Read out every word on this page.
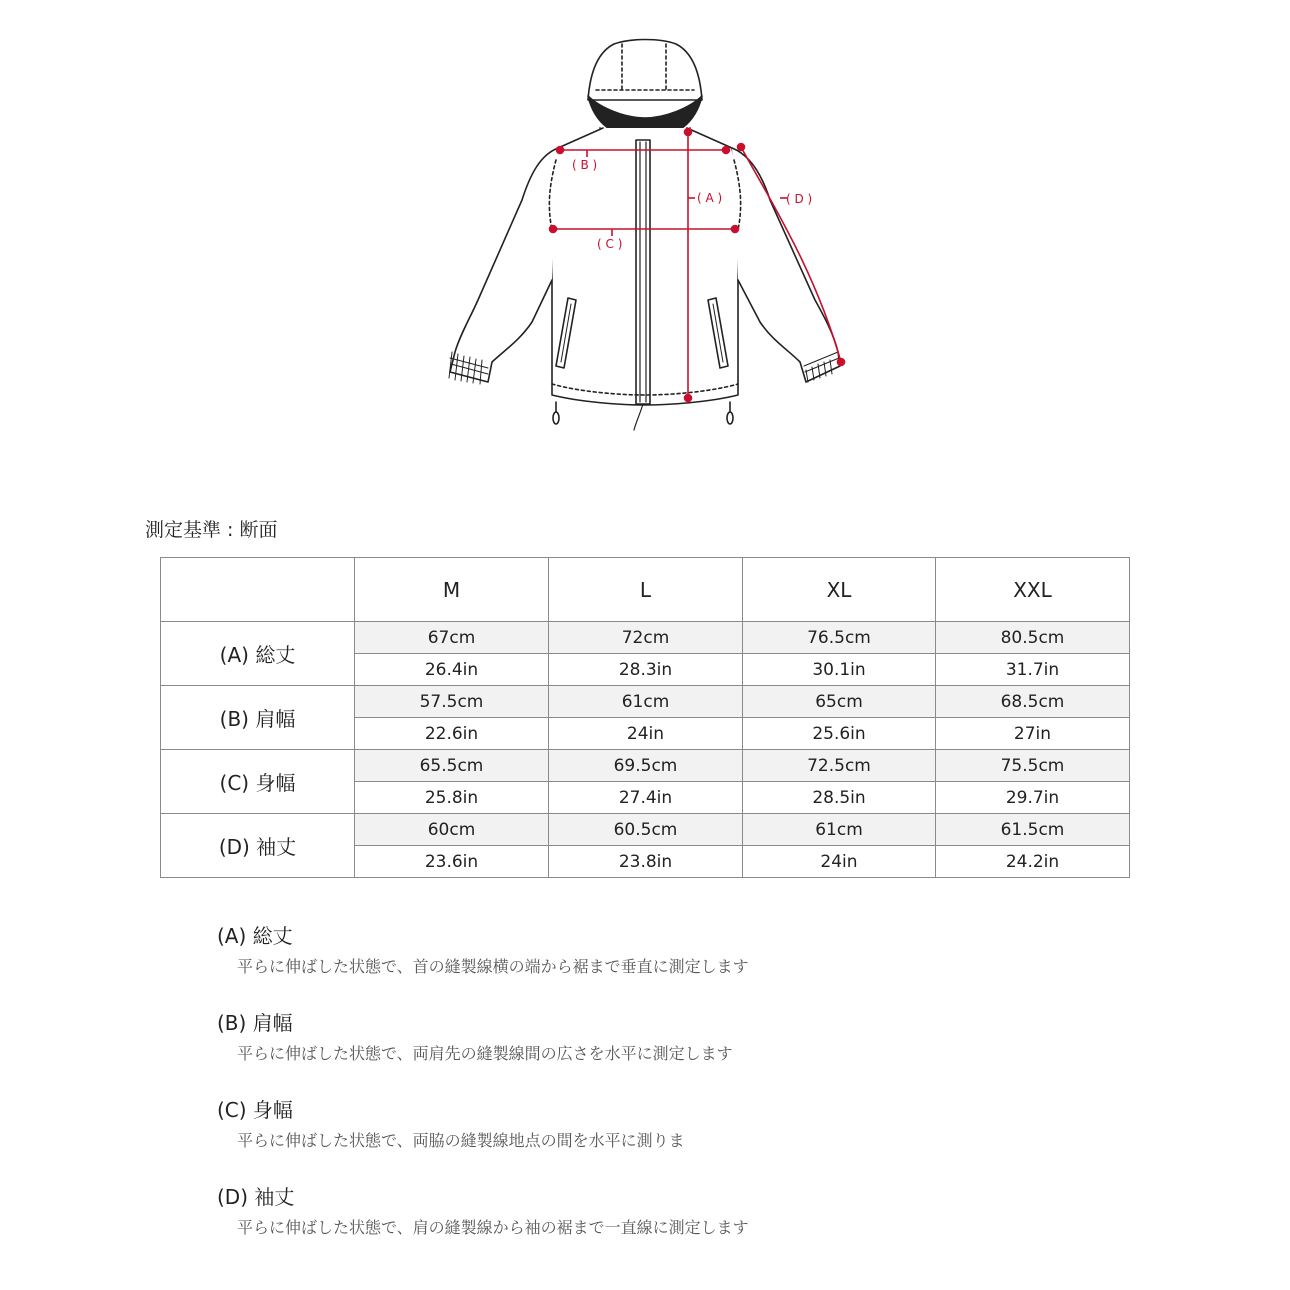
( B )
( A )
( C )
( D )
測定基準 : 断面
	M	L	XL	XXL
(A) 総丈	67cm	72cm	76.5cm	80.5cm
	26.4in	28.3in	30.1in	31.7in
(B) 肩幅	57.5cm	61cm	65cm	68.5cm
	22.6in	24in	25.6in	27in
(C) 身幅	65.5cm	69.5cm	72.5cm	75.5cm
	25.8in	27.4in	28.5in	29.7in
(D) 袖丈	60cm	60.5cm	61cm	61.5cm
	23.6in	23.8in	24in	24.2in
(A) 総丈
平らに伸ばした状態で、首の縫製線横の端から裾まで垂直に測定します
(B) 肩幅
平らに伸ばした状態で、両肩先の縫製線間の広さを水平に測定します
(C) 身幅
平らに伸ばした状態で、両脇の縫製線地点の間を水平に測りま
(D) 袖丈
平らに伸ばした状態で、肩の縫製線から袖の裾まで一直線に測定します
